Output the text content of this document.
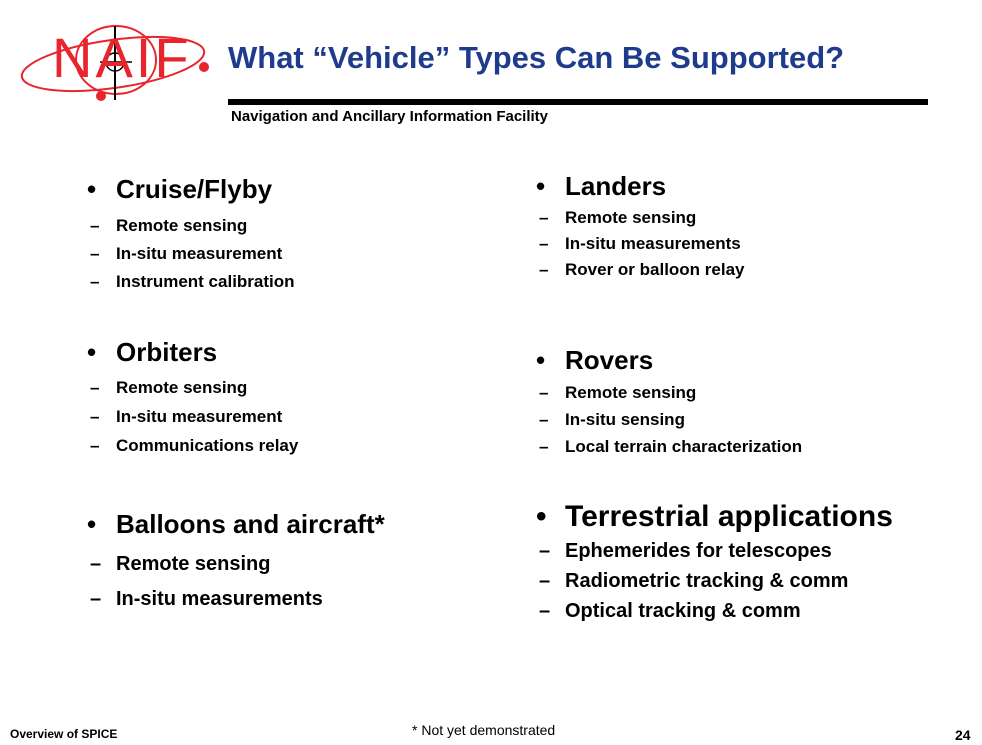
NAIF What “Vehicle” Types Can Be Supported?
Navigation and Ancillary Information Facility
• Cruise/Flyby
– Remote sensing
– In-situ measurement
– Instrument calibration
• Orbiters
– Remote sensing
– In-situ measurement
– Communications relay
• Balloons and aircraft*
– Remote sensing
– In-situ measurements
• Landers
– Remote sensing
– In-situ measurements
– Rover or balloon relay
• Rovers
– Remote sensing
– In-situ sensing
– Local terrain characterization
• Terrestrial applications
– Ephemerides for telescopes
– Radiometric tracking & comm
– Optical tracking & comm
Overview of SPICE	* Not yet demonstrated	24
